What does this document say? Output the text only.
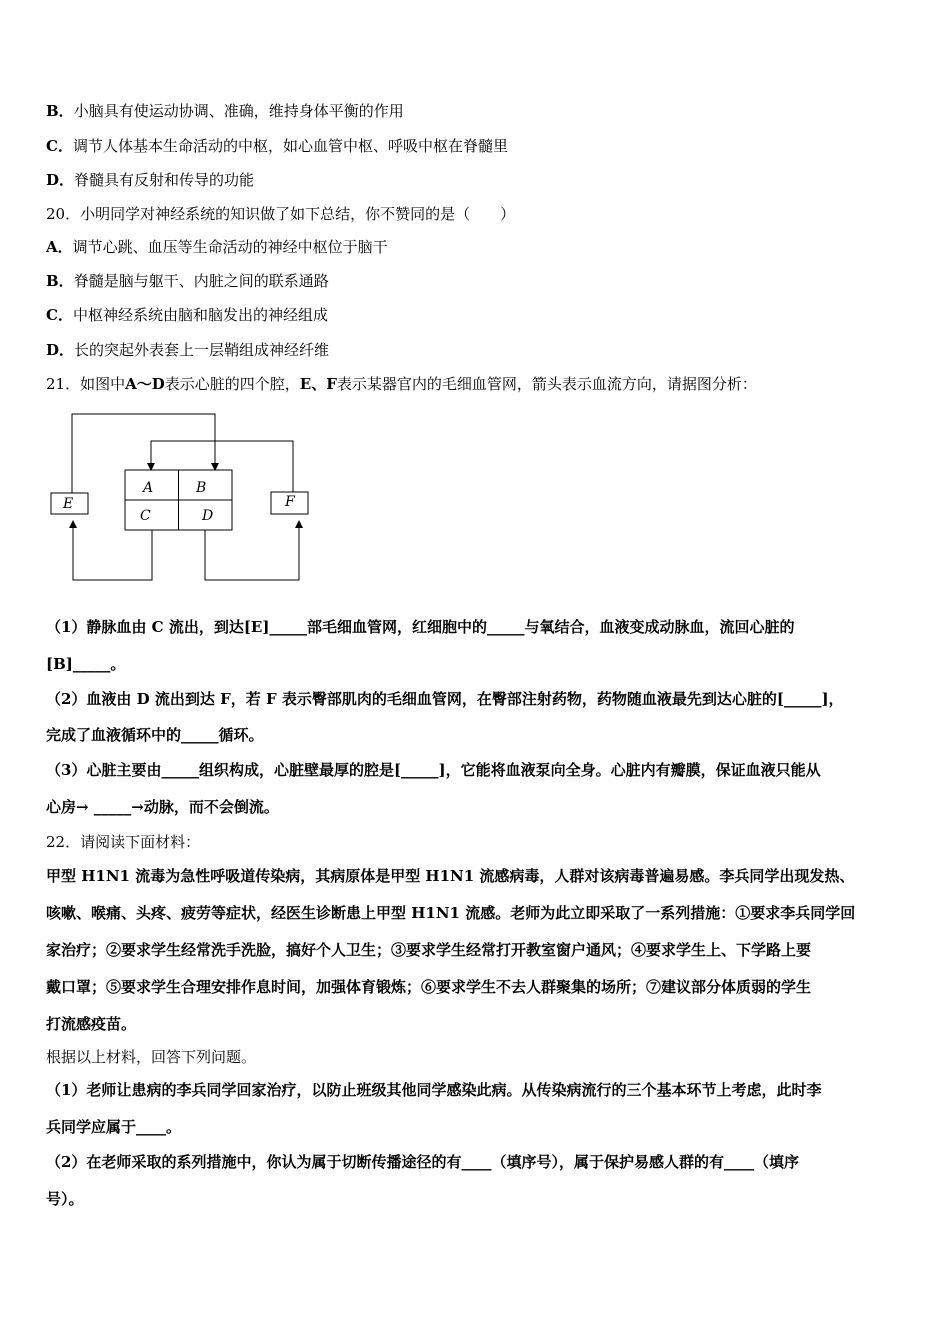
B．小脑具有使运动协调、准确，维持身体平衡的作用
C．调节人体基本生命活动的中枢，如心血管中枢、呼吸中枢在脊髓里
D．脊髓具有反射和传导的功能
20．小明同学对神经系统的知识做了如下总结，你不赞同的是（　　）
A．调节心跳、血压等生命活动的神经中枢位于脑干
B．脊髓是脑与躯干、内脏之间的联系通路
C．中枢神经系统由脑和脑发出的神经组成
D．长的突起外表套上一层鞘组成神经纤维
21．如图中A～D表示心脏的四个腔，E、F表示某器官内的毛细血管网，箭头表示血流方向，请据图分析：
A	B
C	D
E	F
（1）静脉血由 C 流出，到达[E]_____部毛细血管网，红细胞中的_____与氧结合，血液变成动脉血，流回心脏的
[B]_____。
（2）血液由 D 流出到达 F，若 F 表示臀部肌肉的毛细血管网，在臀部注射药物，药物随血液最先到达心脏的[_____]，
完成了血液循环中的_____循环。
（3）心脏主要由_____组织构成，心脏壁最厚的腔是[_____]，它能将血液泵向全身。心脏内有瓣膜，保证血液只能从
心房→ _____→动脉，而不会倒流。
22．请阅读下面材料：
甲型 H1N1 流毒为急性呼吸道传染病，其病原体是甲型 H1N1 流感病毒，人群对该病毒普遍易感。李兵同学出现发热、
咳嗽、喉痛、头疼、疲劳等症状，经医生诊断患上甲型 H1N1 流感。老师为此立即采取了一系列措施：①要求李兵同学回
家治疗；②要求学生经常洗手洗脸，搞好个人卫生；③要求学生经常打开教室窗户通风；④要求学生上、下学路上要
戴口罩；⑤要求学生合理安排作息时间，加强体育锻炼；⑥要求学生不去人群聚集的场所；⑦建议部分体质弱的学生
打流感疫苗。
根据以上材料，回答下列问题。
（1）老师让患病的李兵同学回家治疗，以防止班级其他同学感染此病。从传染病流行的三个基本环节上考虑，此时李
兵同学应属于____。
（2）在老师采取的系列措施中，你认为属于切断传播途径的有____（填序号），属于保护易感人群的有____（填序
号）。
